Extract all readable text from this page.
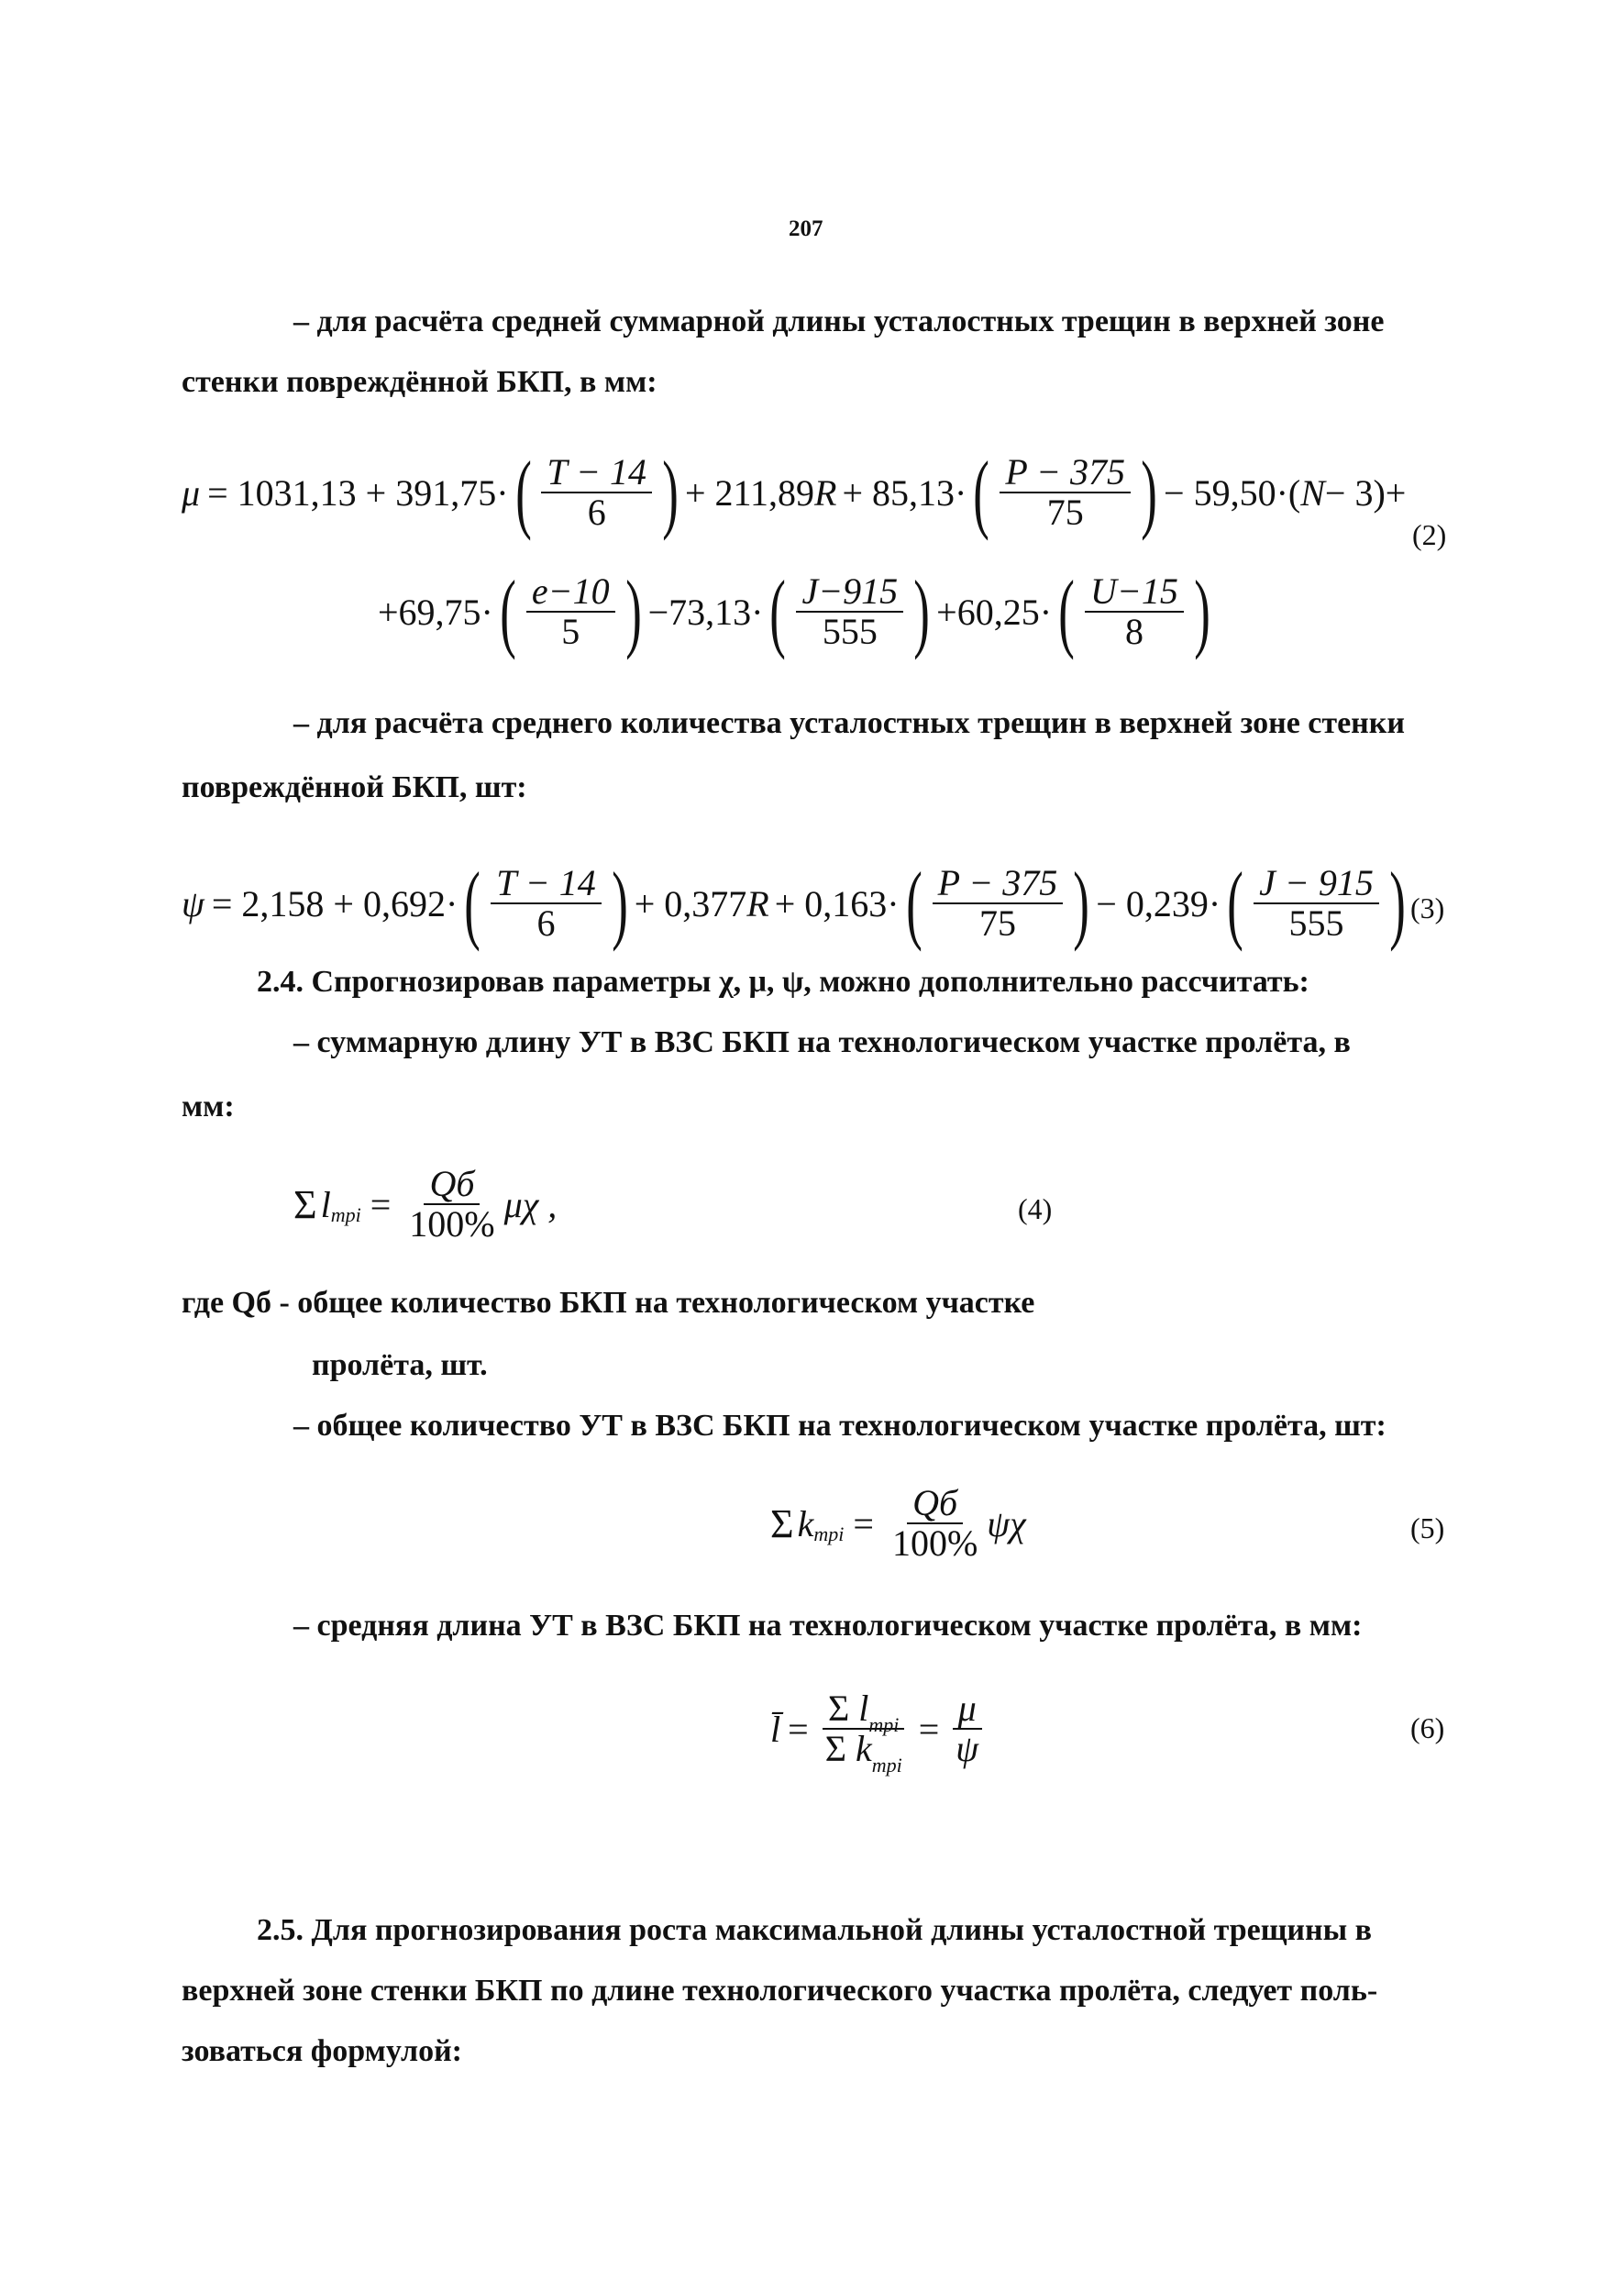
207
– для расчёта средней суммарной длины усталостных трещин в верхней зоне
стенки повреждённой БКП, в мм:
μ = 1031,13 + 391,75· ( $\frac{T - 14}{6}$ ) + 211,89 R + 85,13· ( $\frac{P - 375}{75}$ ) − 59,50·( N − 3)+
+69,75· ( $\frac{e-10}{5}$ ) −73,13· ( $\frac{J-915}{555}$ ) +60,25· ( $\frac{U-15}{8}$ )
(2)
– для расчёта среднего количества усталостных трещин в верхней зоне стенки
повреждённой БКП, шт:
ψ = 2,158 + 0,692· ( $\frac{T - 14}{6}$ ) + 0,377 R + 0,163· ( $\frac{P - 375}{75}$ ) − 0,239· ( $\frac{J - 915}{555}$ ) (3)
2.4. Спрогнозировав параметры χ, μ, ψ, можно дополнительно рассчитать:
– суммарную длину УТ в ВЗС БКП на технологическом участке пролёта, в
мм:
Σ l трi = $\frac{Qб}{100\%}$ μχ ,	(4)
где Qб - общее количество БКП на технологическом участке
пролёта, шт.
– общее количество УТ в ВЗС БКП на технологическом участке пролёта, шт:
Σ k трi = $\frac{Qб}{100\%}$ ψχ	(5)
– средняя длина УТ в ВЗС БКП на технологическом участке пролёта, в мм:
l̄ = $\frac{\Sigma l_{трi}}{\Sigma k_{трi}} = \frac{\mu}{\psi}$	(6)
2.5. Для прогнозирования роста максимальной длины усталостной трещины в
верхней зоне стенки БКП по длине технологического участка пролёта, следует поль-
зоваться формулой:
